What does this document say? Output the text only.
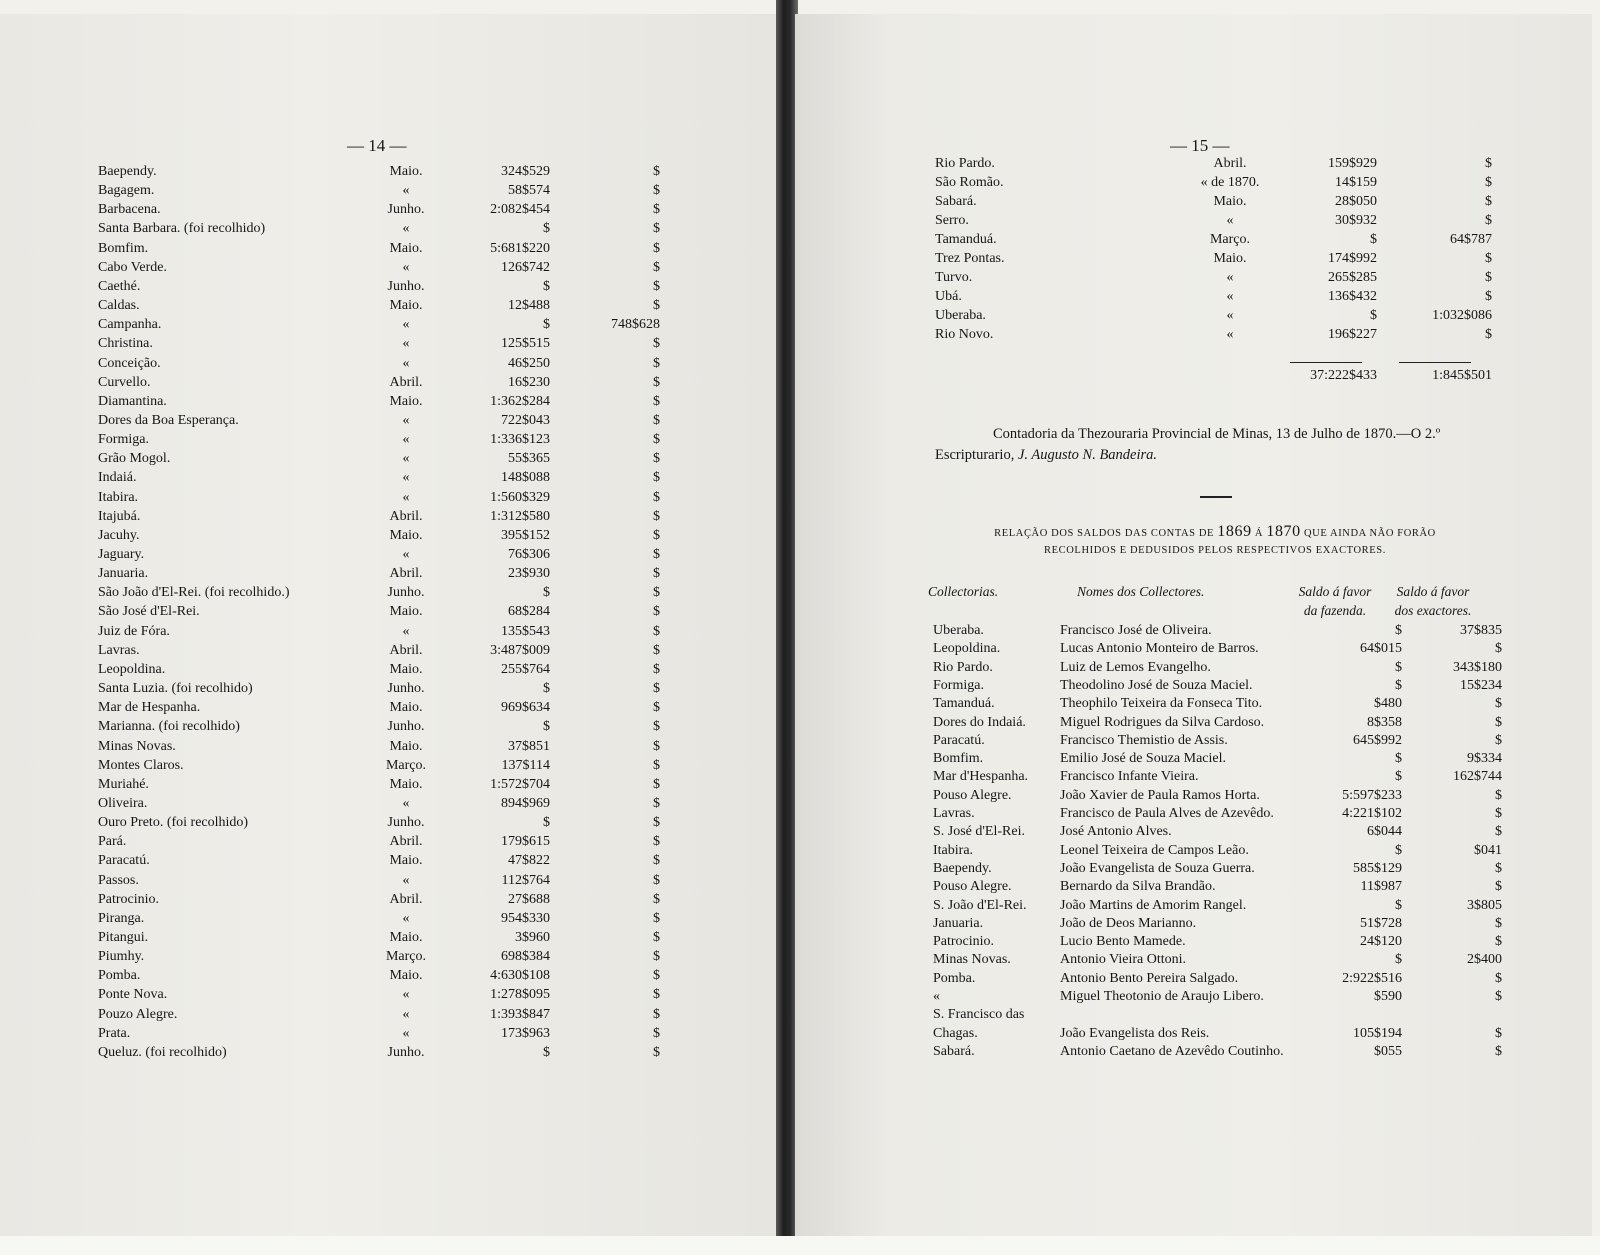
— 14 —
Baependy.	Maio.	324$529	$
Bagagem.	«	58$574	$
Barbacena.	Junho.	2:082$454	$
Santa Barbara. (foi recolhido)	«	$	$
Bomfim.	Maio.	5:681$220	$
Cabo Verde.	«	126$742	$
Caethé.	Junho.	$	$
Caldas.	Maio.	12$488	$
Campanha.	«	$	748$628
Christina.	«	125$515	$
Conceição.	«	46$250	$
Curvello.	Abril.	16$230	$
Diamantina.	Maio.	1:362$284	$
Dores da Boa Esperança.	«	722$043	$
Formiga.	«	1:336$123	$
Grão Mogol.	«	55$365	$
Indaiá.	«	148$088	$
Itabira.	«	1:560$329	$
Itajubá.	Abril.	1:312$580	$
Jacuhy.	Maio.	395$152	$
Jaguary.	«	76$306	$
Januaria.	Abril.	23$930	$
São João d'El-Rei. (foi recolhido.)	Junho.	$	$
São José d'El-Rei.	Maio.	68$284	$
Juiz de Fóra.	«	135$543	$
Lavras.	Abril.	3:487$009	$
Leopoldina.	Maio.	255$764	$
Santa Luzia. (foi recolhido)	Junho.	$	$
Mar de Hespanha.	Maio.	969$634	$
Marianna. (foi recolhido)	Junho.	$	$
Minas Novas.	Maio.	37$851	$
Montes Claros.	Março.	137$114	$
Muriahé.	Maio.	1:572$704	$
Oliveira.	«	894$969	$
Ouro Preto. (foi recolhido)	Junho.	$	$
Pará.	Abril.	179$615	$
Paracatú.	Maio.	47$822	$
Passos.	«	112$764	$
Patrocinio.	Abril.	27$688	$
Piranga.	«	954$330	$
Pitangui.	Maio.	3$960	$
Piumhy.	Março.	698$384	$
Pomba.	Maio.	4:630$108	$
Ponte Nova.	«	1:278$095	$
Pouzo Alegre.	«	1:393$847	$
Prata.	«	173$963	$
Queluz. (foi recolhido)	Junho.	$	$
— 15 —
Rio Pardo.	Abril.	159$929	$
São Romão.	« de 1870.	14$159	$
Sabará.	Maio.	28$050	$
Serro.	«	30$932	$
Tamanduá.	Março.	$	64$787
Trez Pontas.	Maio.	174$992	$
Turvo.	«	265$285	$
Ubá.	«	136$432	$
Uberaba.	«	$	1:032$086
Rio Novo.	«	196$227	$
37:222$433	1:845$501
Contadoria da Thezouraria Provincial de Minas, 13 de Julho de 1870.—O 2.º Escripturario, J. Augusto N. Bandeira.
RELAÇÃO DOS SALDOS DAS CONTAS DE 1869 Á 1870 QUE AINDA NÃO FORÃO
RECOLHIDOS E DEDUSIDOS PELOS RESPECTIVOS EXACTORES.
Collectorias.	Nomes dos Collectores.	Saldo á favor
da fazenda.
Saldo á favor
dos exactores.
Uberaba.	Francisco José de Oliveira.	$	37$835
Leopoldina.	Lucas Antonio Monteiro de Barros.	64$015	$
Rio Pardo.	Luiz de Lemos Evangelho.	$	343$180
Formiga.	Theodolino José de Souza Maciel.	$	15$234
Tamanduá.	Theophilo Teixeira da Fonseca Tito.	$480	$
Dores do Indaiá. Miguel Rodrigues da Silva Cardoso.	8$358	$
Paracatú.	Francisco Themistio de Assis.	645$992	$
Bomfim.	Emilio José de Souza Maciel.	$	9$334
Mar d'Hespanha. Francisco Infante Vieira.	$	162$744
Pouso Alegre.	João Xavier de Paula Ramos Horta.	5:597$233	$
Lavras.	Francisco de Paula Alves de Azevêdo.	4:221$102	$
S. José d'El-Rei.	José Antonio Alves.	6$044	$
Itabira.	Leonel Teixeira de Campos Leão.	$	$041
Baependy.	João Evangelista de Souza Guerra.	585$129	$
Pouso Alegre.	Bernardo da Silva Brandão.	11$987	$
S. João d'El-Rei. João Martins de Amorim Rangel.	$	3$805
Januaria.	João de Deos Marianno.	51$728	$
Patrocinio.	Lucio Bento Mamede.	24$120	$
Minas Novas.	Antonio Vieira Ottoni.	$	2$400
Pomba.	Antonio Bento Pereira Salgado.	2:922$516	$
«	Miguel Theotonio de Araujo Libero.	$590	$
S. Francisco das
Chagas.	João Evangelista dos Reis.	105$194	$
Sabará.	Antonio Caetano de Azevêdo Coutinho.	$055	$
